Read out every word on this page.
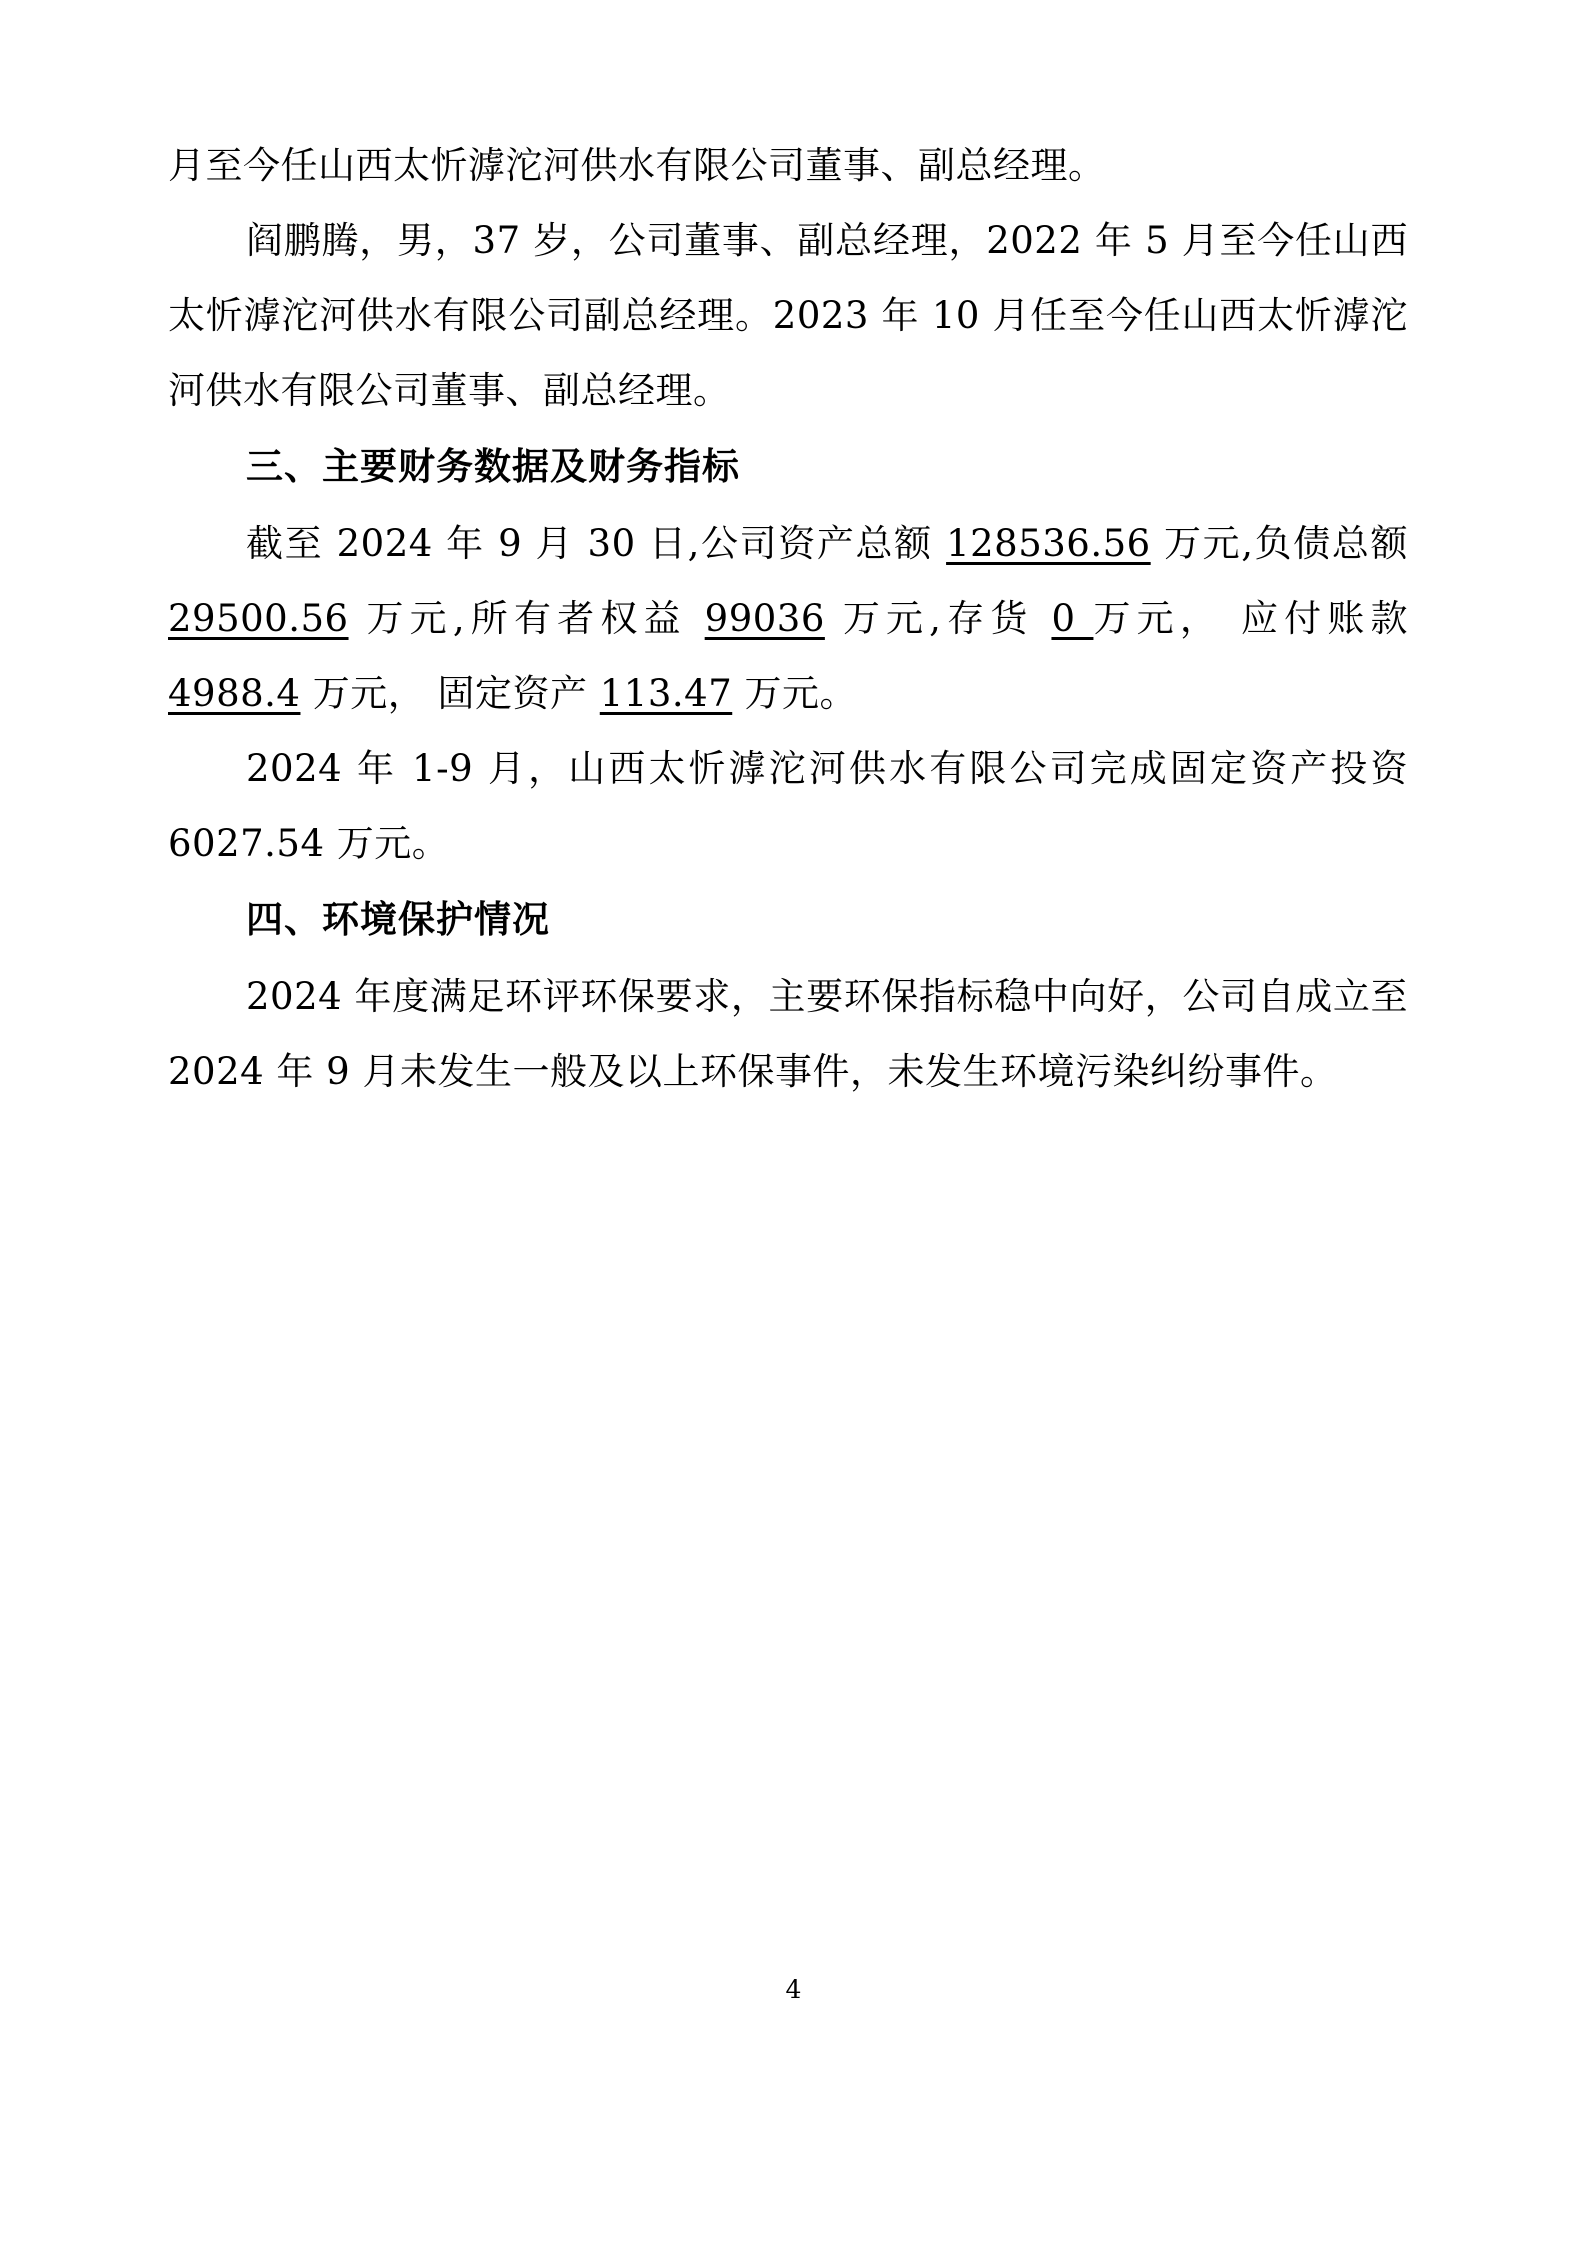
月至今任山西太忻滹沱河供水有限公司董事、副总经理。

阎鹏腾，男，37 岁，公司董事、副总经理，2022 年 5 月至今任山西太忻滹沱河供水有限公司副总经理。2023 年 10 月任至今任山西太忻滹沱河供水有限公司董事、副总经理。

三、主要财务数据及财务指标

截至 2024 年 9 月 30 日,公司资产总额 128536.56 万元,负债总额 29500.56 万元,所有者权益 99036 万元,存货 0 万元， 应付账款 4988.4 万元， 固定资产 113.47 万元。

2024 年 1-9 月，山西太忻滹沱河供水有限公司完成固定资产投资 6027.54 万元。

四、环境保护情况

2024 年度满足环评环保要求，主要环保指标稳中向好，公司自成立至 2024 年 9 月未发生一般及以上环保事件，未发生环境污染纠纷事件。

4
